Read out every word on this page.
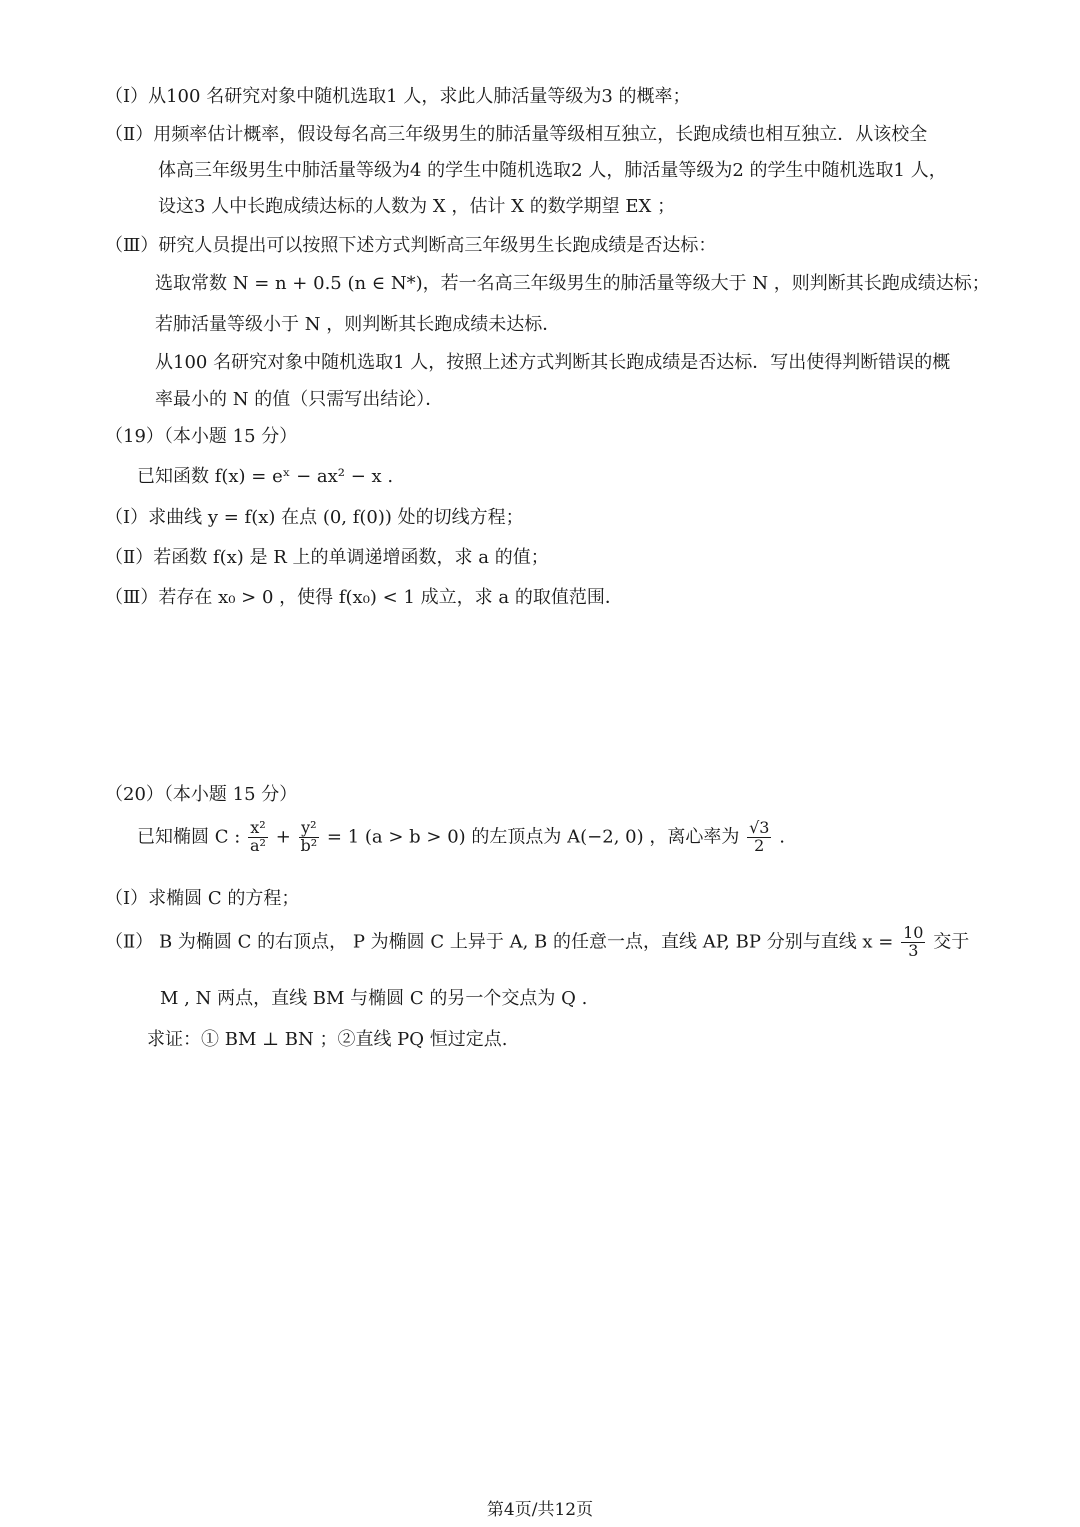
（Ⅰ）从100 名研究对象中随机选取1 人，求此人肺活量等级为3 的概率；
（Ⅱ）用频率估计概率，假设每名高三年级男生的肺活量等级相互独立，长跑成绩也相互独立．从该校全
体高三年级男生中肺活量等级为4 的学生中随机选取2 人，肺活量等级为2 的学生中随机选取1 人，
设这3 人中长跑成绩达标的人数为 X ，估计 X 的数学期望 EX ；
（Ⅲ）研究人员提出可以按照下述方式判断高三年级男生长跑成绩是否达标：
选取常数 N = n + 0.5 (n ∈ N*)，若一名高三年级男生的肺活量等级大于 N ，则判断其长跑成绩达标；
若肺活量等级小于 N ，则判断其长跑成绩未达标．
从100 名研究对象中随机选取1 人，按照上述方式判断其长跑成绩是否达标．写出使得判断错误的概
率最小的 N 的值（只需写出结论）．
（19）（本小题 15 分）
已知函数 f(x) = eˣ − ax² − x .
（Ⅰ）求曲线 y = f(x) 在点 (0, f(0)) 处的切线方程；
（Ⅱ）若函数 f(x) 是 R 上的单调递增函数，求 a 的值；
（Ⅲ）若存在 x₀ > 0 ，使得 f(x₀) < 1 成立，求 a 的取值范围．
（20）（本小题 15 分）
已知椭圆 C : $\frac{\text{x²}}{\text{a²}} + \frac{\text{y²}}{\text{b²}} = 1$ (a > b > 0) 的左顶点为 A(−2, 0) ，离心率为 $\frac{√3}{2}$ .
（Ⅰ）求椭圆 C 的方程；
（Ⅱ） B 为椭圆 C 的右顶点， P 为椭圆 C 上异于 A, B 的任意一点，直线 AP, BP 分别与直线 $x = \frac{10}{3}$ 交于
M , N 两点，直线 BM 与椭圆 C 的另一个交点为 Q .
求证：① BM ⊥ BN ；②直线 PQ 恒过定点.
第4页/共12页
